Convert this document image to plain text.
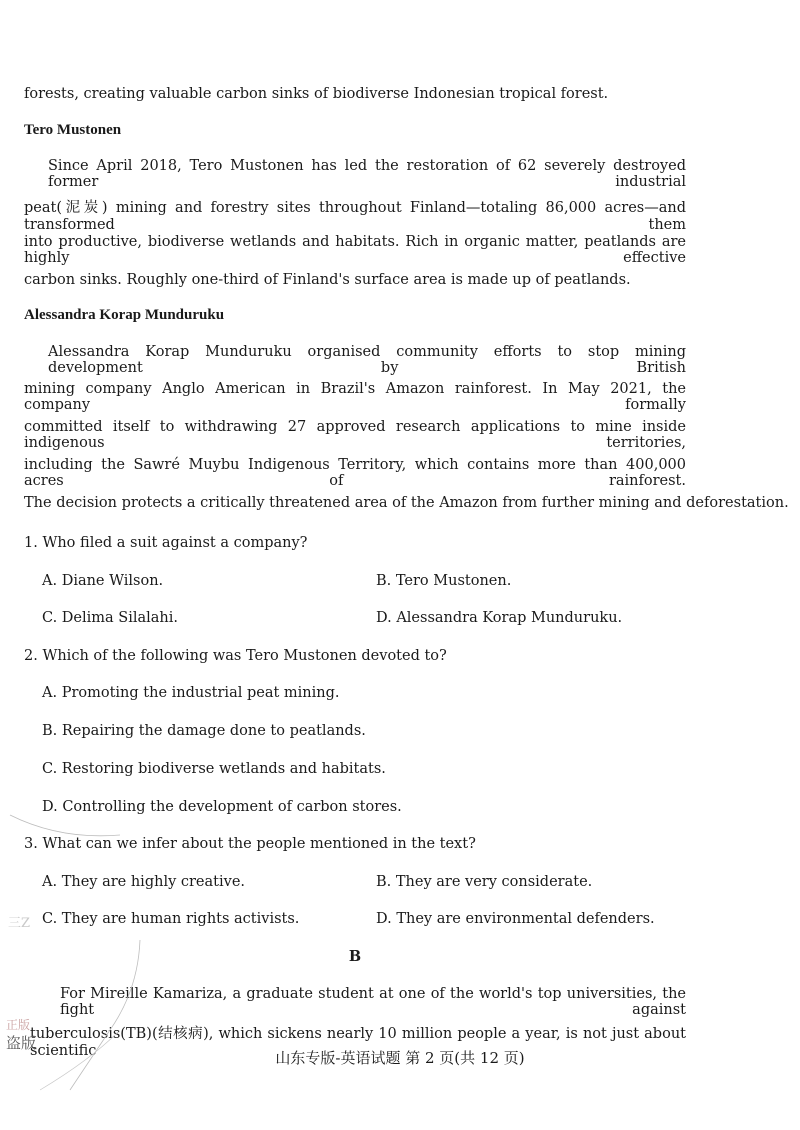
forests, creating valuable carbon sinks of biodiverse Indonesian tropical forest.
Tero Mustonen
Since April 2018, Tero Mustonen has led the restoration of 62 severely destroyed former industrial
peat(泥炭) mining and forestry sites throughout Finland—totaling 86,000 acres—and transformed them
into productive, biodiverse wetlands and habitats. Rich in organic matter, peatlands are highly effective
carbon sinks. Roughly one-third of Finland's surface area is made up of peatlands.
Alessandra Korap Munduruku
Alessandra Korap Munduruku organised community efforts to stop mining development by British
mining company Anglo American in Brazil's Amazon rainforest. In May 2021, the company formally
committed itself to withdrawing 27 approved research applications to mine inside indigenous territories,
including the Sawré Muybu Indigenous Territory, which contains more than 400,000 acres of rainforest.
The decision protects a critically threatened area of the Amazon from further mining and deforestation.
1. Who filed a suit against a company?
A. Diane Wilson.	B. Tero Mustonen.
C. Delima Silalahi.	D. Alessandra Korap Munduruku.
2. Which of the following was Tero Mustonen devoted to?
A. Promoting the industrial peat mining.
B. Repairing the damage done to peatlands.
C. Restoring biodiverse wetlands and habitats.
D. Controlling the development of carbon stores.
3. What can we infer about the people mentioned in the text?
A. They are highly creative.	B. They are very considerate.
C. They are human rights activists.	D. They are environmental defenders.
B
For Mireille Kamariza, a graduate student at one of the world's top universities, the fight against
tuberculosis(TB)(结核病), which sickens nearly 10 million people a year, is not just about scientific	山东专版-英语试题 第 2 页(共 12 页)
三Z
正版
盗版
